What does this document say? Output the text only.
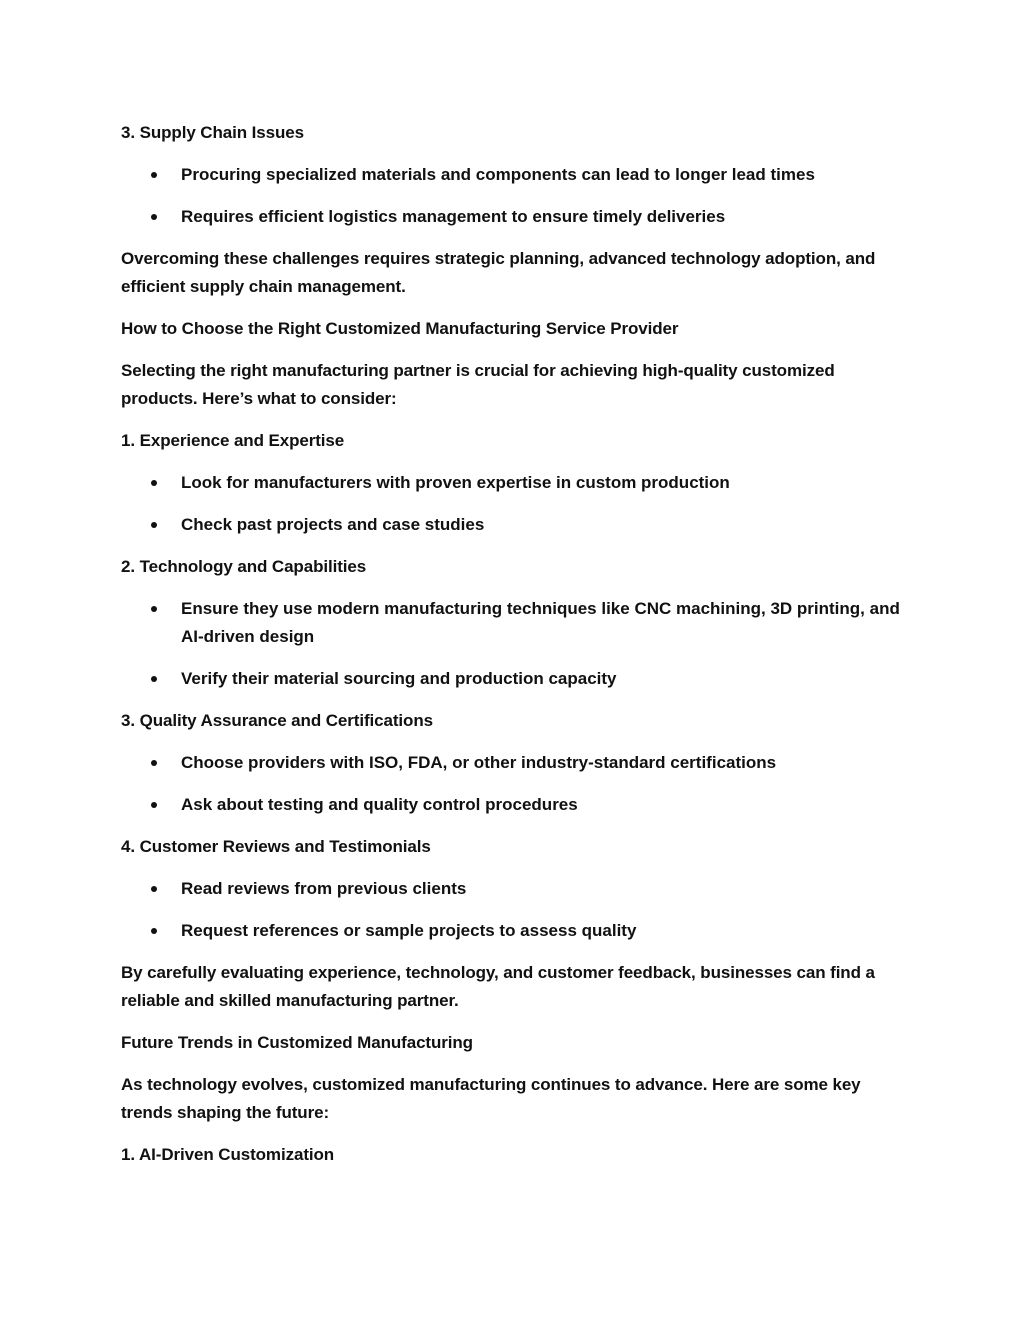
3. Supply Chain Issues

Procuring specialized materials and components can lead to longer lead times
Requires efficient logistics management to ensure timely deliveries

Overcoming these challenges requires strategic planning, advanced technology adoption, and efficient supply chain management.

How to Choose the Right Customized Manufacturing Service Provider

Selecting the right manufacturing partner is crucial for achieving high-quality customized products. Here’s what to consider:

1. Experience and Expertise

Look for manufacturers with proven expertise in custom production
Check past projects and case studies

2. Technology and Capabilities

Ensure they use modern manufacturing techniques like CNC machining, 3D printing, and AI-driven design
Verify their material sourcing and production capacity

3. Quality Assurance and Certifications

Choose providers with ISO, FDA, or other industry-standard certifications
Ask about testing and quality control procedures

4. Customer Reviews and Testimonials

Read reviews from previous clients
Request references or sample projects to assess quality

By carefully evaluating experience, technology, and customer feedback, businesses can find a reliable and skilled manufacturing partner.

Future Trends in Customized Manufacturing

As technology evolves, customized manufacturing continues to advance. Here are some key trends shaping the future:

1. AI-Driven Customization
